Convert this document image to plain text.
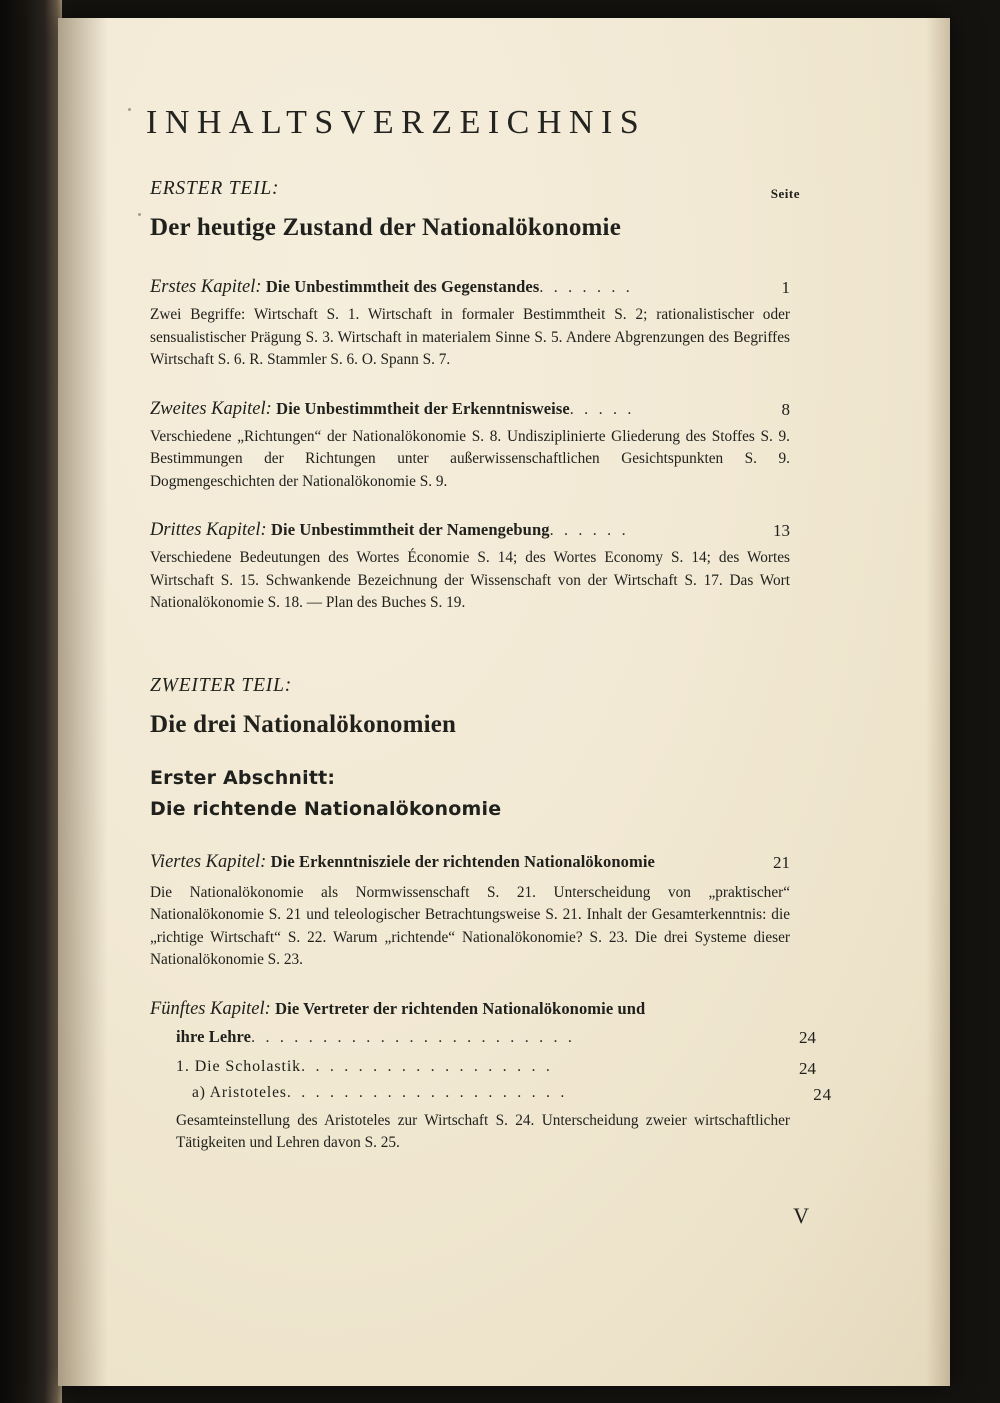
INHALTSVERZEICHNIS
ERSTER TEIL:	Seite
Der heutige Zustand der Nationalökonomie
Erstes Kapitel: Die Unbestimmtheit des Gegenstandes. . . . . . .	1
Zwei Begriffe: Wirtschaft S. 1. Wirtschaft in formaler Bestimmtheit S. 2; rationalistischer oder sensualistischer Prägung S. 3. Wirtschaft in materialem Sinne S. 5. Andere Abgrenzungen des Begriffes Wirtschaft S. 6. R. Stammler S. 6. O. Spann S. 7.
Zweites Kapitel: Die Unbestimmtheit der Erkenntnisweise. . . . .	8
Verschiedene „Richtungen“ der Nationalökonomie S. 8. Undisziplinierte Gliederung des Stoffes S. 9. Bestimmungen der Richtungen unter außerwissenschaftlichen Gesichtspunkten S. 9. Dogmengeschichten der Nationalökonomie S. 9.
Drittes Kapitel: Die Unbestimmtheit der Namengebung. . . . . .	13
Verschiedene Bedeutungen des Wortes Économie S. 14; des Wortes Economy S. 14; des Wortes Wirtschaft S. 15. Schwankende Bezeichnung der Wissenschaft von der Wirtschaft S. 17. Das Wort Nationalökonomie S. 18. — Plan des Buches S. 19.
ZWEITER TEIL:
Die drei Nationalökonomien
Erster Abschnitt:
Die richtende Nationalökonomie
Viertes Kapitel: Die Erkenntnisziele der richtenden Nationalökonomie	21
Die Nationalökonomie als Normwissenschaft S. 21. Unterscheidung von „praktischer“ Nationalökonomie S. 21 und teleologischer Betrachtungsweise S. 21. Inhalt der Gesamterkenntnis: die „richtige Wirtschaft“ S. 22. Warum „richtende“ Nationalökonomie? S. 23. Die drei Systeme dieser Nationalökonomie S. 23.
Fünftes Kapitel: Die Vertreter der richtenden Nationalökonomie und
ihre Lehre. . . . . . . . . . . . . . . . . . . . . . .	24
1. Die Scholastik. . . . . . . . . . . . . . . . . .	24
a) Aristoteles. . . . . . . . . . . . . . . . . . . .	24
Gesamteinstellung des Aristoteles zur Wirtschaft S. 24. Unterscheidung zweier wirtschaftlicher Tätigkeiten und Lehren davon S. 25.
V
